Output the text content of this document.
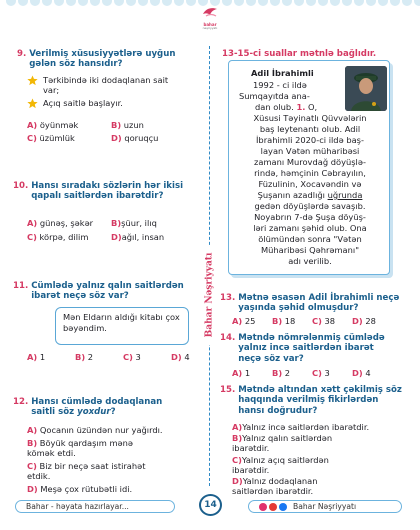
bahar
nəşriyyatı
Bahar Nəşriyyatı
9. Verilmiş xüsusiyyətlərə uyğun gələn söz hansıdır?
Tərkibində iki dodaqlanan sait var;
Açıq saitlə başlayır.
A) öyünmək	B) uzun
C) üzümlük	D) qoruqçu
10. Hansı sıradakı sözlərin hər ikisi qapalı saitlərdən ibarətdir?
A) günəş, şəkər B)şüur, ilıq
C) körpə, dilim	D)ağıl, insan
11. Cümlədə yalnız qalın saitlərdən ibarət neçə söz var?
Mən Eldarın aldığı kitabı çox bəyəndim.
A) 1	B) 2	C) 3	D) 4
12. Hansı cümlədə dodaqlanan saitli söz yoxdur?
A) Qocanın üzündən nur yağırdı.
B) Böyük qardaşım mənə kömək etdi.
C) Biz bir neçə saat istirahət etdik.
D) Meşə çox rütubətli idi.
13-15-ci suallar mətnlə bağlıdır.
Adil İbrahimli
1992 - ci ildə
Sumqayıtda ana-
dan olub. 1. O,
Xüsusi Təyinatlı Qüvvələrin
baş leytenantı olub. Adil
İbrahimli 2020-ci ildə baş-
layan Vətən müharibəsi
zamanı Murovdağ döyüşlə-
rində, həmçinin Cəbrayılın,
Füzulinin, Xocavəndin və
Şuşanın azadlığı uğrunda
gedən döyüşlərdə savaşıb.
Noyabrın 7-də Şuşa döyüş-
ləri zamanı şəhid olub. Onа
ölümündən sonra "Vətən
Müharibəsi Qəhrəmanı"
adı verilib.
13. Mətnə əsasən Adil İbrahimli neçə yaşında şəhid olmuşdur?
A) 25 B) 18 C) 38 D) 28
14. Mətndə nömrələnmiş cümlədə yalnız incə saitlərdən ibarət neçə söz var?
A) 1	B) 2	C) 3	D) 4
15. Mətndə altından xətt çəkilmiş söz haqqında verilmiş fikirlərdən hansı doğrudur?
A)Yalnız incə saitlərdən ibarətdir.
B)Yalnız qalın saitlərdən ibarətdir.
C)Yalnız açıq saitlərdən ibarətdir.
D)Yalnız dodaqlanan saitlərdən ibarətdir.
Bahar - həyata hazırlayar...	14	Bahar Nəşriyyatı
